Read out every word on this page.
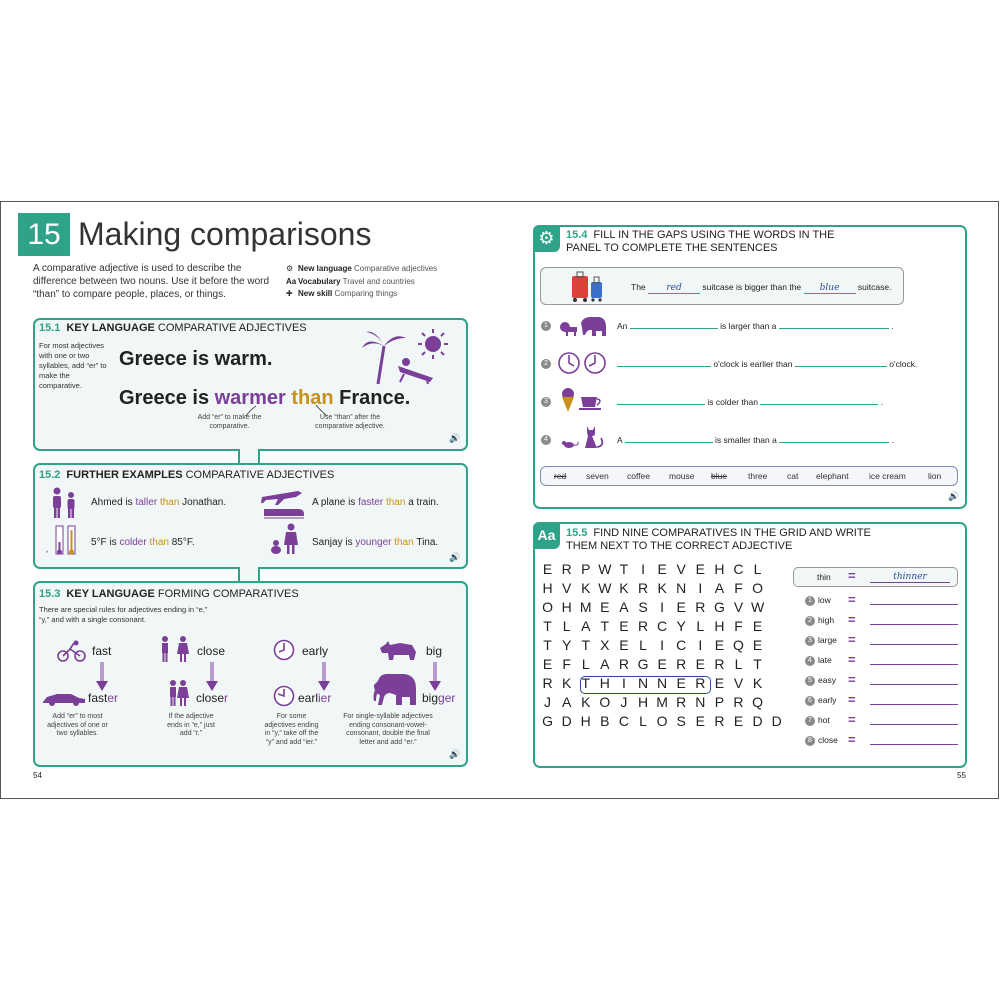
15 Making comparisons
A comparative adjective is used to describe the difference between two nouns. Use it before the word “than” to compare people, places, or things.
⚙ New language Comparative adjectives
Aa Vocabulary Travel and countries
✚ New skill Comparing things
15.1 KEY LANGUAGE COMPARATIVE ADJECTIVES
For most adjectives with one or two syllables, add “er” to make the comparative.
Greece is warm.
Greece is warmer than France.
Add “er” to make the comparative.
Use “than” after the comparative adjective.
🔊
15.2 FURTHER EXAMPLES COMPARATIVE ADJECTIVES
Ahmed is taller than Jonathan.	A plane is faster than a train.
*
5°F is colder than 85°F.	Sanjay is younger than Tina.
🔊
15.3 KEY LANGUAGE FORMING COMPARATIVES
There are special rules for adjectives ending in “e,” “y,” and with a single consonant.
fast
faster
Add “er” to most adjectives of one or two syllables.
close
closer
If the adjective ends in “e,” just add “r.”
early
earlier
For some adjectives ending in “y,” take off the “y” and add “ier.”
big
bigger
For single-syllable adjectives ending consonant-vowel-consonant, double the final letter and add “er.”
🔊
54
⚙	15.4 FILL IN THE GAPS USING THE WORDS IN THE PANEL TO COMPLETE THE SENTENCES
The red suitcase is bigger than the blue suitcase.
1	An	is larger than a	.
2	o'clock is earlier than	o'clock.
3	is colder than	.
4	A	is smaller than a	.
red seven coffee mouse blue three cat elephant ice cream	lion
🔊
Aa 15.5 FIND NINE COMPARATIVES IN THE GRID AND WRITE THEM NEXT TO THE CORRECT ADJECTIVE
E R P W T I E V E H C L
H V K W K R K N I A F O
O H M E A S I E R G V W
T L A T E R C Y L H F E
T Y T X E L I C I E Q E
E F L A R G E R E R L T
R K T H I N N E R E V K
J A K O J H M R N P R Q
G D H B C L O S E R E D D
thin =	thinner
1 low =
2 high =
3 large =
4 late =
5 easy =
6 early =
7 hot =
8 close =
55
